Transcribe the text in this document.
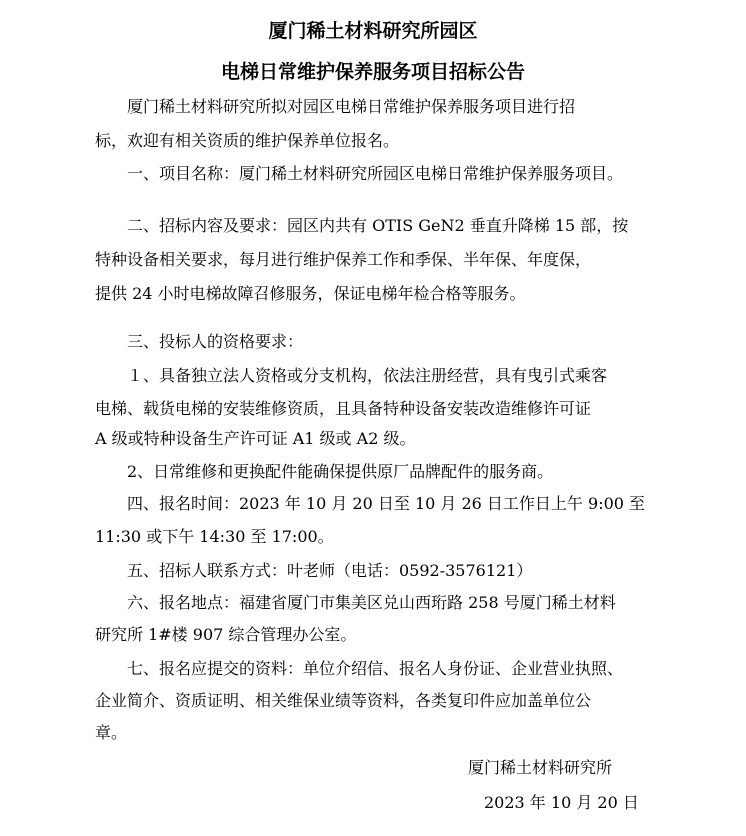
厦门稀土材料研究所园区
电梯日常维护保养服务项目招标公告
　　厦门稀土材料研究所拟对园区电梯日常维护保养服务项目进行招
标，欢迎有相关资质的维护保养单位报名。
　　一、项目名称：厦门稀土材料研究所园区电梯日常维护保养服务项目。
　　二、招标内容及要求：园区内共有 OTIS GeN2 垂直升降梯 15 部，按
特种设备相关要求，每月进行维护保养工作和季保、半年保、年度保，
提供 24 小时电梯故障召修服务，保证电梯年检合格等服务。
　　三、投标人的资格要求：
　　１、具备独立法人资格或分支机构，依法注册经营，具有曳引式乘客
电梯、载货电梯的安装维修资质，且具备特种设备安装改造维修许可证
A 级或特种设备生产许可证 A1 级或 A2 级。
　　2、日常维修和更换配件能确保提供原厂品牌配件的服务商。
　　四、报名时间：2023 年 10 月 20 日至 10 月 26 日工作日上午 9:00 至
11:30 或下午 14:30 至 17:00。
　　五、招标人联系方式：叶老师（电话：0592-3576121）
　　六、报名地点：福建省厦门市集美区兑山西珩路 258 号厦门稀土材料
研究所 1#楼 907 综合管理办公室。
　　七、报名应提交的资料：单位介绍信、报名人身份证、企业营业执照、
企业简介、资质证明、相关维保业绩等资料，各类复印件应加盖单位公
章。
厦门稀土材料研究所
2023 年 10 月 20 日
